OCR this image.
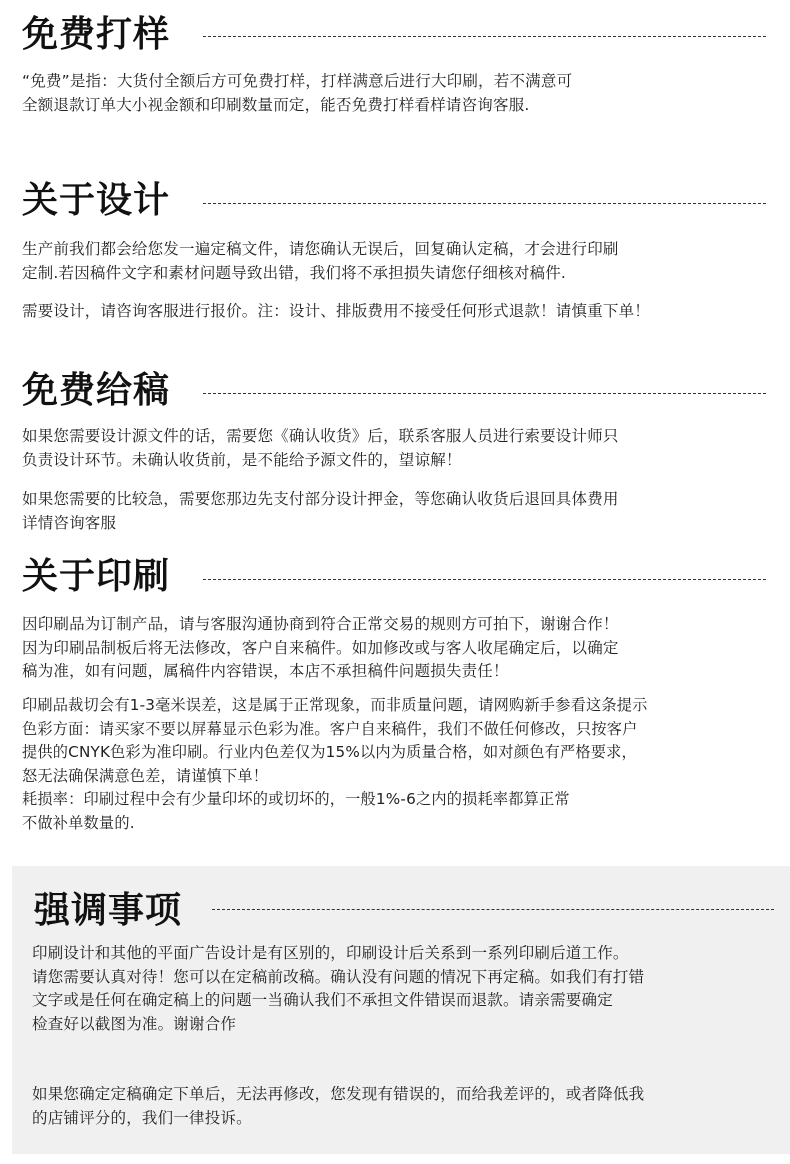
免费打样

“免费”是指：大货付全额后方可免费打样，打样满意后进行大印刷，若不满意可
全额退款订单大小视金额和印刷数量而定，能否免费打样看样请咨询客服.

关于设计

生产前我们都会给您发一遍定稿文件，请您确认无误后，回复确认定稿，才会进行印刷
定制.若因稿件文字和素材问题导致出错，我们将不承担损失请您仔细核对稿件.

需要设计，请咨询客服进行报价。注：设计、排版费用不接受任何形式退款！请慎重下单！

免费给稿

如果您需要设计源文件的话，需要您《确认收货》后，联系客服人员进行索要设计师只
负责设计环节。未确认收货前，是不能给予源文件的，望谅解！

如果您需要的比较急，需要您那边先支付部分设计押金，等您确认收货后退回具体费用
详情咨询客服

关于印刷

因印刷品为订制产品，请与客服沟通协商到符合正常交易的规则方可拍下，谢谢合作！
因为印刷品制板后将无法修改，客户自来稿件。如加修改或与客人收尾确定后，以确定
稿为准，如有问题，属稿件内容错误，本店不承担稿件问题损失责任！

印刷品裁切会有1-3毫米误差，这是属于正常现象，而非质量问题，请网购新手参看这条提示
色彩方面：请买家不要以屏幕显示色彩为准。客户自来稿件，我们不做任何修改，只按客户
提供的CNYK色彩为准印刷。行业内色差仅为15%以内为质量合格，如对颜色有严格要求，
怒无法确保满意色差，请谨慎下单！
耗损率：印刷过程中会有少量印坏的或切坏的，一般1%-6之内的损耗率都算正常
不做补单数量的.

强调事项

印刷设计和其他的平面广告设计是有区别的，印刷设计后关系到一系列印刷后道工作。
请您需要认真对待！您可以在定稿前改稿。确认没有问题的情况下再定稿。如我们有打错
文字或是任何在确定稿上的问题一当确认我们不承担文件错误而退款。请亲需要确定
检查好以截图为准。谢谢合作

如果您确定定稿确定下单后，无法再修改，您发现有错误的，而给我差评的，或者降低我
的店铺评分的，我们一律投诉。
